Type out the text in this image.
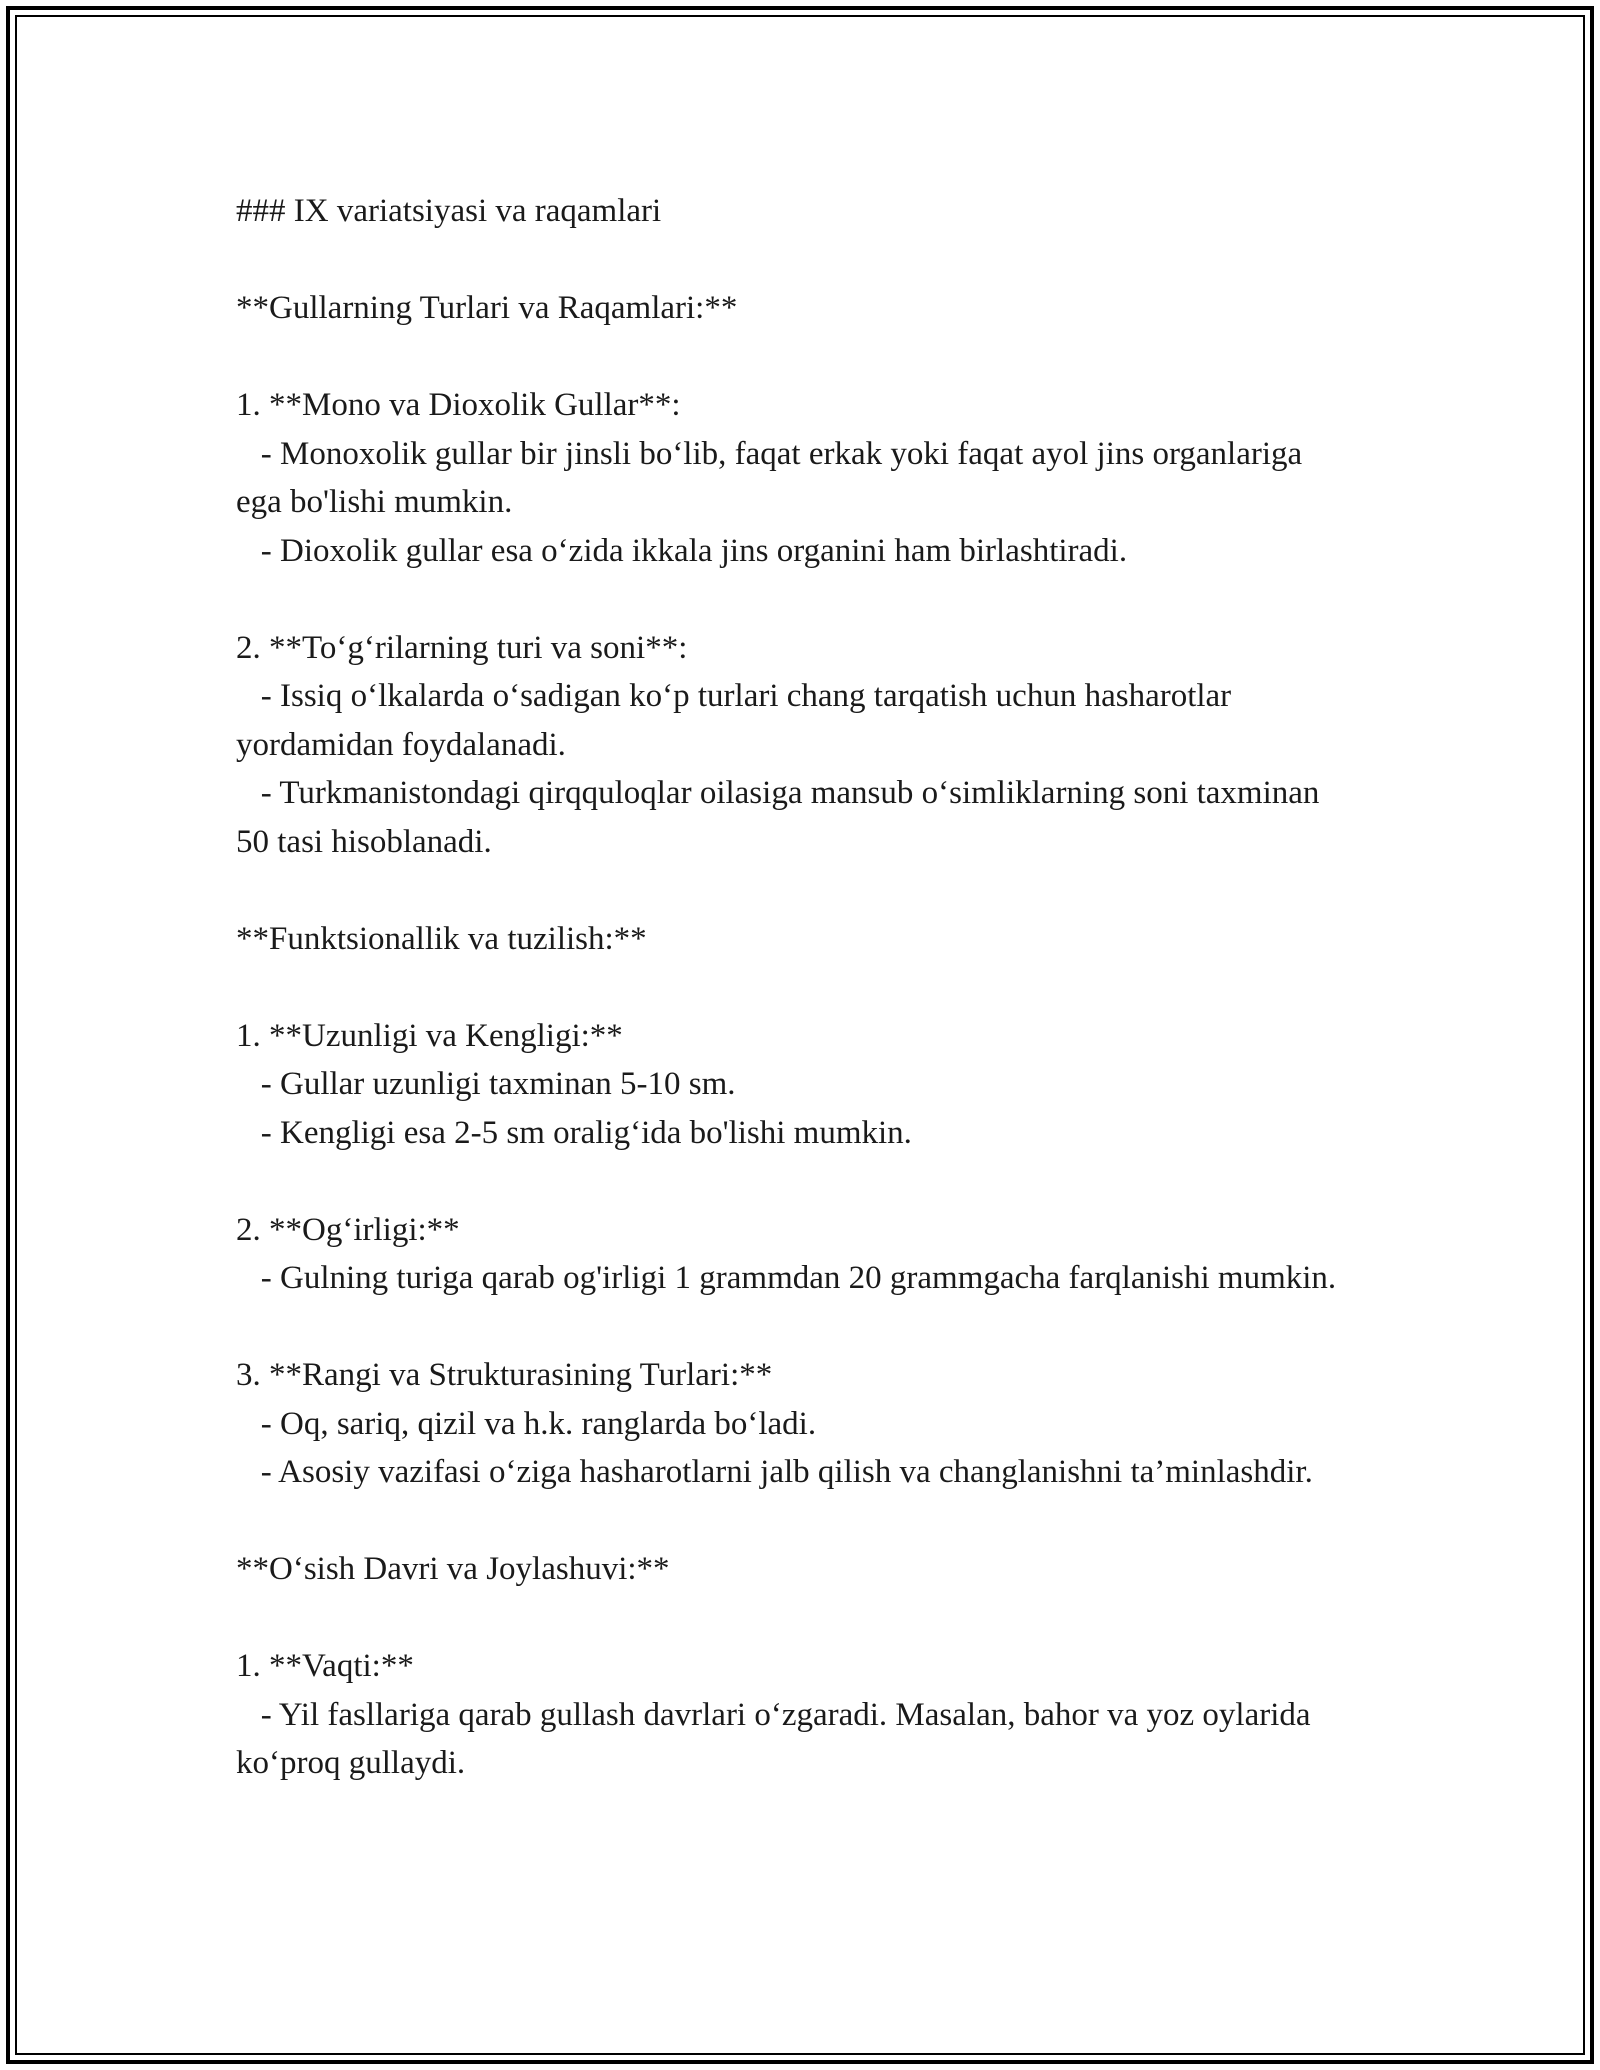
### IX variatsiyasi va raqamlari
**Gullarning Turlari va Raqamlari:**
1. **Mono va Dioxolik Gullar**:
- Monoxolik gullar bir jinsli bo‘lib, faqat erkak yoki faqat ayol jins organlariga ega bo'lishi mumkin.
- Dioxolik gullar esa o‘zida ikkala jins organini ham birlashtiradi.
2. **To‘g‘rilarning turi va soni**:
- Issiq o‘lkalarda o‘sadigan ko‘p turlari chang tarqatish uchun hasharotlar yordamidan foydalanadi.
- Turkmanistondagi qirqquloqlar oilasiga mansub o‘simliklarning soni taxminan 50 tasi hisoblanadi.
**Funktsionallik va tuzilish:**
1. **Uzunligi va Kengligi:**
- Gullar uzunligi taxminan 5-10 sm.
- Kengligi esa 2-5 sm oralig‘ida bo'lishi mumkin.
2. **Og‘irligi:**
- Gulning turiga qarab og'irligi 1 grammdan 20 grammgacha farqlanishi mumkin.
3. **Rangi va Strukturasining Turlari:**
- Oq, sariq, qizil va h.k. ranglarda bo‘ladi.
- Asosiy vazifasi o‘ziga hasharotlarni jalb qilish va changlanishni ta’minlashdir.
**O‘sish Davri va Joylashuvi:**
1. **Vaqti:**
- Yil fasllariga qarab gullash davrlari o‘zgaradi. Masalan, bahor va yoz oylarida ko‘proq gullaydi.
